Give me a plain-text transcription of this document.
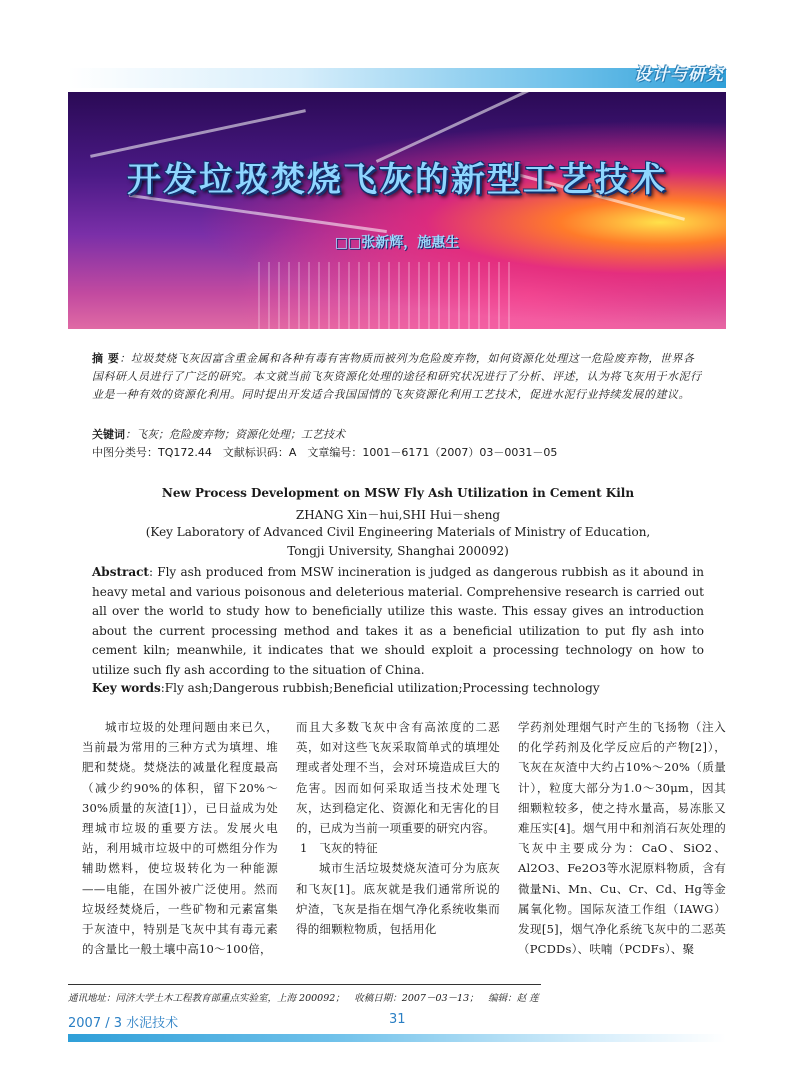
设计与研究
开发垃圾焚烧飞灰的新型工艺技术
□□张新辉，施惠生
摘 要：垃圾焚烧飞灰因富含重金属和各种有毒有害物质而被列为危险废弃物，如何资源化处理这一危险废弃物，世界各国科研人员进行了广泛的研究。本文就当前飞灰资源化处理的途径和研究状况进行了分析、评述，认为将飞灰用于水泥行业是一种有效的资源化利用。同时提出开发适合我国国情的飞灰资源化利用工艺技术，促进水泥行业持续发展的建议。
关键词：飞灰；危险废弃物；资源化处理；工艺技术
中图分类号：TQ172.44　文献标识码：A　文章编号：1001－6171（2007）03－0031－05
New Process Development on MSW Fly Ash Utilization in Cement Kiln
ZHANG Xin－hui,SHI Hui－sheng
(Key Laboratory of Advanced Civil Engineering Materials of Ministry of Education,
Tongji University, Shanghai 200092)
Abstract: Fly ash produced from MSW incineration is judged as dangerous rubbish as it abound in heavy metal and various poisonous and deleterious material. Comprehensive research is carried out all over the world to study how to beneficially utilize this waste. This essay gives an introduction about the current processing method and takes it as a beneficial utilization to put fly ash into cement kiln; meanwhile, it indicates that we should exploit a processing technology on how to utilize such fly ash according to the situation of China.
Key words:Fly ash;Dangerous rubbish;Beneficial utilization;Processing technology

城市垃圾的处理问题由来已久，当前最为常用的三种方式为填埋、堆肥和焚烧。焚烧法的减量化程度最高（减少约90%的体积，留下20%～30%质量的灰渣[1]），已日益成为处理城市垃圾的重要方法。发展火电站，利用城市垃圾中的可燃组分作为辅助燃料，使垃圾转化为一种能源——电能，在国外被广泛使用。然而垃圾经焚烧后，一些矿物和元素富集于灰渣中，特别是飞灰中其有毒元素的含量比一般土壤中高10～100倍，

而且大多数飞灰中含有高浓度的二恶英，如对这些飞灰采取简单式的填埋处理或者处理不当，会对环境造成巨大的危害。因而如何采取适当技术处理飞灰，达到稳定化、资源化和无害化的目的，已成为当前一项重要的研究内容。

1　飞灰的特征

城市生活垃圾焚烧灰渣可分为底灰和飞灰[1]。底灰就是我们通常所说的炉渣，飞灰是指在烟气净化系统收集而得的细颗粒物质，包括用化

学药剂处理烟气时产生的飞扬物（注入的化学药剂及化学反应后的产物[2]），飞灰在灰渣中大约占10%～20%（质量计），粒度大部分为1.0～30μm，因其细颗粒较多，使之持水量高，易冻胀又难压实[4]。烟气用中和剂消石灰处理的飞灰中主要成分为：CaO、SiO2、Al2O3、Fe2O3等水泥原料物质，含有微量Ni、Mn、Cu、Cr、Cd、Hg等金属氧化物。国际灰渣工作组（IAWG）发现[5]，烟气净化系统飞灰中的二恶英（PCDDs）、呋喃（PCDFs）、聚

通讯地址：同济大学土木工程教育部重点实验室，上海 200092；　收稿日期：2007－03－13；　编辑：赵 莲
2007 / 3 水泥技术	31
